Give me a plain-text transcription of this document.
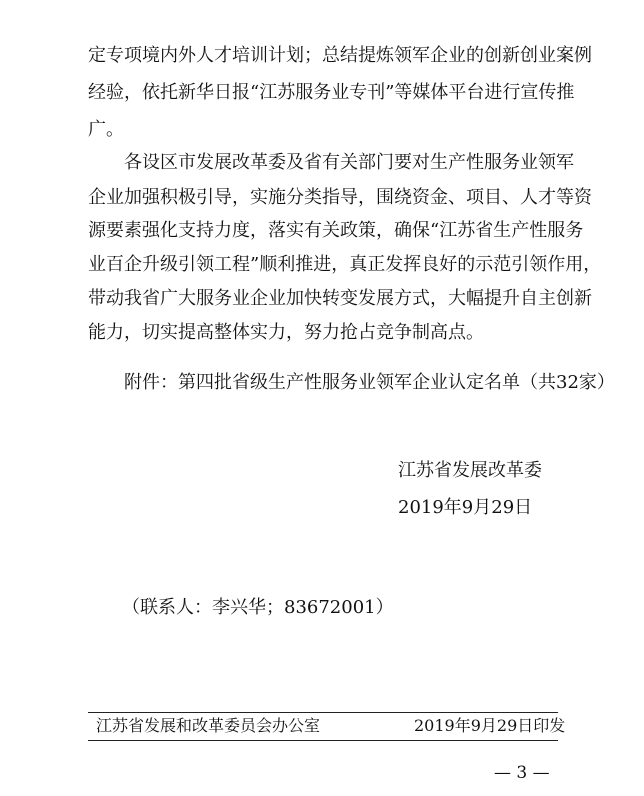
定专项境内外人才培训计划；总结提炼领军企业的创新创业案例
经验，依托新华日报“江苏服务业专刊”等媒体平台进行宣传推
广。
各设区市发展改革委及省有关部门要对生产性服务业领军
企业加强积极引导，实施分类指导，围绕资金、项目、人才等资
源要素强化支持力度，落实有关政策，确保“江苏省生产性服务
业百企升级引领工程”顺利推进，真正发挥良好的示范引领作用，
带动我省广大服务业企业加快转变发展方式，大幅提升自主创新
能力，切实提高整体实力，努力抢占竞争制高点。
附件：第四批省级生产性服务业领军企业认定名单（共32家）
江苏省发展改革委
2019年9月29日
（联系人：李兴华；83672001）
江苏省发展和改革委员会办公室	2019年9月29日印发
— 3 —
